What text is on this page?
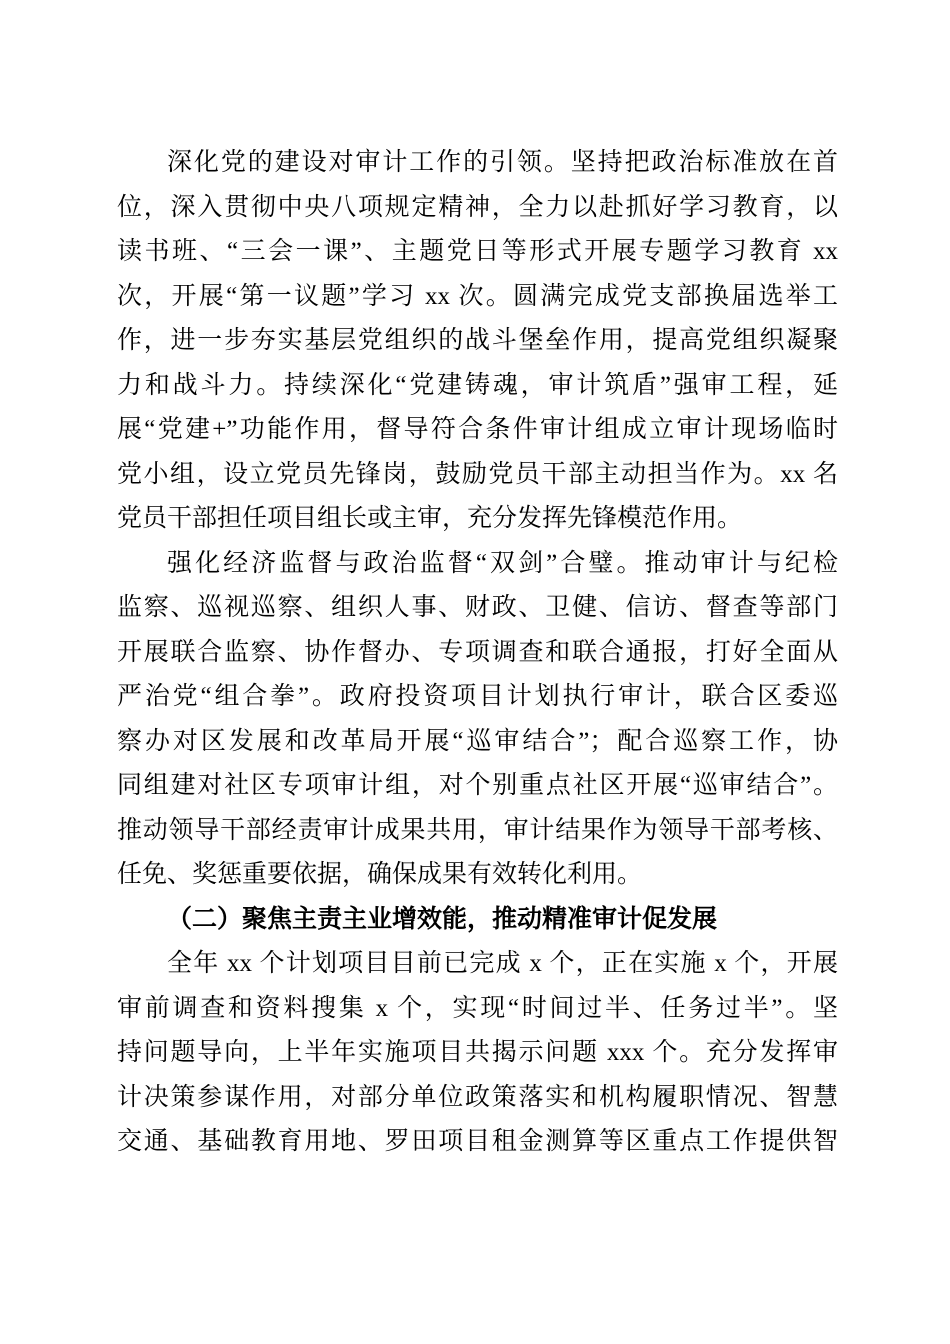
深化党的建设对审计工作的引领。坚持把政治标准放在首
位，深入贯彻中央八项规定精神，全力以赴抓好学习教育，以
读书班、“三会一课”、主题党日等形式开展专题学习教育 xx
次，开展“第一议题”学习 xx 次。圆满完成党支部换届选举工
作，进一步夯实基层党组织的战斗堡垒作用，提高党组织凝聚
力和战斗力。持续深化“党建铸魂，审计筑盾”强审工程，延
展“党建+”功能作用，督导符合条件审计组成立审计现场临时
党小组，设立党员先锋岗，鼓励党员干部主动担当作为。xx 名
党员干部担任项目组长或主审，充分发挥先锋模范作用。
强化经济监督与政治监督“双剑”合璧。推动审计与纪检
监察、巡视巡察、组织人事、财政、卫健、信访、督查等部门
开展联合监察、协作督办、专项调查和联合通报，打好全面从
严治党“组合拳”。政府投资项目计划执行审计，联合区委巡
察办对区发展和改革局开展“巡审结合”；配合巡察工作，协
同组建对社区专项审计组，对个别重点社区开展“巡审结合”。
推动领导干部经责审计成果共用，审计结果作为领导干部考核、
任免、奖惩重要依据，确保成果有效转化利用。
（二）聚焦主责主业增效能，推动精准审计促发展
全年 xx 个计划项目目前已完成 x 个，正在实施 x 个，开展
审前调查和资料搜集 x 个，实现“时间过半、任务过半”。坚
持问题导向，上半年实施项目共揭示问题 xxx 个。充分发挥审
计决策参谋作用，对部分单位政策落实和机构履职情况、智慧
交通、基础教育用地、罗田项目租金测算等区重点工作提供智
